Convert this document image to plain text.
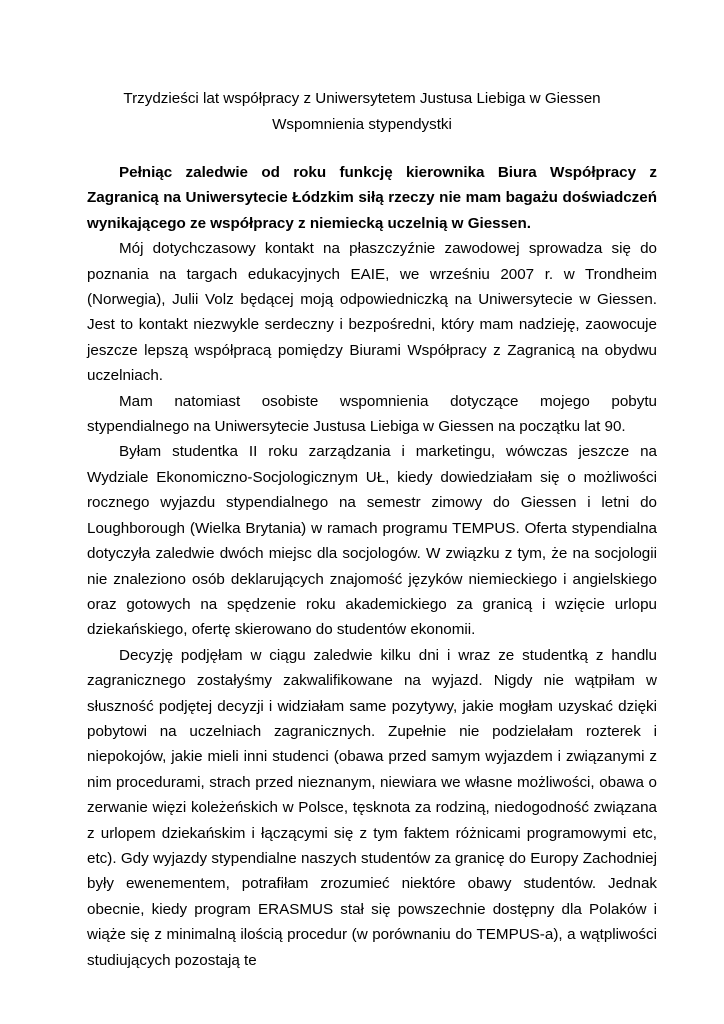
Trzydzieści lat współpracy z Uniwersytetem Justusa Liebiga w Giessen
Wspomnienia stypendystki

Pełniąc zaledwie od roku funkcję kierownika Biura Współpracy z Zagranicą na Uniwersytecie Łódzkim siłą rzeczy nie mam bagażu doświadczeń wynikającego ze współpracy z niemiecką uczelnią w Giessen.

Mój dotychczasowy kontakt na płaszczyźnie zawodowej sprowadza się do poznania na targach edukacyjnych EAIE, we wrześniu 2007 r. w Trondheim (Norwegia), Julii Volz będącej moją odpowiedniczką na Uniwersytecie w Giessen. Jest to kontakt niezwykle serdeczny i bezpośredni, który mam nadzieję, zaowocuje jeszcze lepszą współpracą pomiędzy Biurami Współpracy z Zagranicą na obydwu uczelniach.

Mam natomiast osobiste wspomnienia dotyczące mojego pobytu stypendialnego na Uniwersytecie Justusa Liebiga w Giessen na początku lat 90.

Byłam studentka II roku zarządzania i marketingu, wówczas jeszcze na Wydziale Ekonomiczno-Socjologicznym UŁ, kiedy dowiedziałam się o możliwości rocznego wyjazdu stypendialnego na semestr zimowy do Giessen i letni do Loughborough (Wielka Brytania) w ramach programu TEMPUS. Oferta stypendialna dotyczyła zaledwie dwóch miejsc dla socjologów. W związku z tym, że na socjologii nie znaleziono osób deklarujących znajomość języków niemieckiego i angielskiego oraz gotowych na spędzenie roku akademickiego za granicą i wzięcie urlopu dziekańskiego, ofertę skierowano do studentów ekonomii.

Decyzję podjęłam w ciągu zaledwie kilku dni i wraz ze studentką z handlu zagranicznego zostałyśmy zakwalifikowane na wyjazd. Nigdy nie wątpiłam w słuszność podjętej decyzji i widziałam same pozytywy, jakie mogłam uzyskać dzięki pobytowi na uczelniach zagranicznych. Zupełnie nie podzielałam rozterek i niepokojów, jakie mieli inni studenci (obawa przed samym wyjazdem i związanymi z nim procedurami, strach przed nieznanym, niewiara we własne możliwości, obawa o zerwanie więzi koleżeńskich w Polsce, tęsknota za rodziną, niedogodność związana z urlopem dziekańskim i łączącymi się z tym faktem różnicami programowymi etc, etc). Gdy wyjazdy stypendialne naszych studentów za granicę do Europy Zachodniej były ewenementem, potrafiłam zrozumieć niektóre obawy studentów. Jednak obecnie, kiedy program ERASMUS stał się powszechnie dostępny dla Polaków i wiąże się z minimalną ilością procedur (w porównaniu do TEMPUS-a), a wątpliwości studiujących pozostają te
